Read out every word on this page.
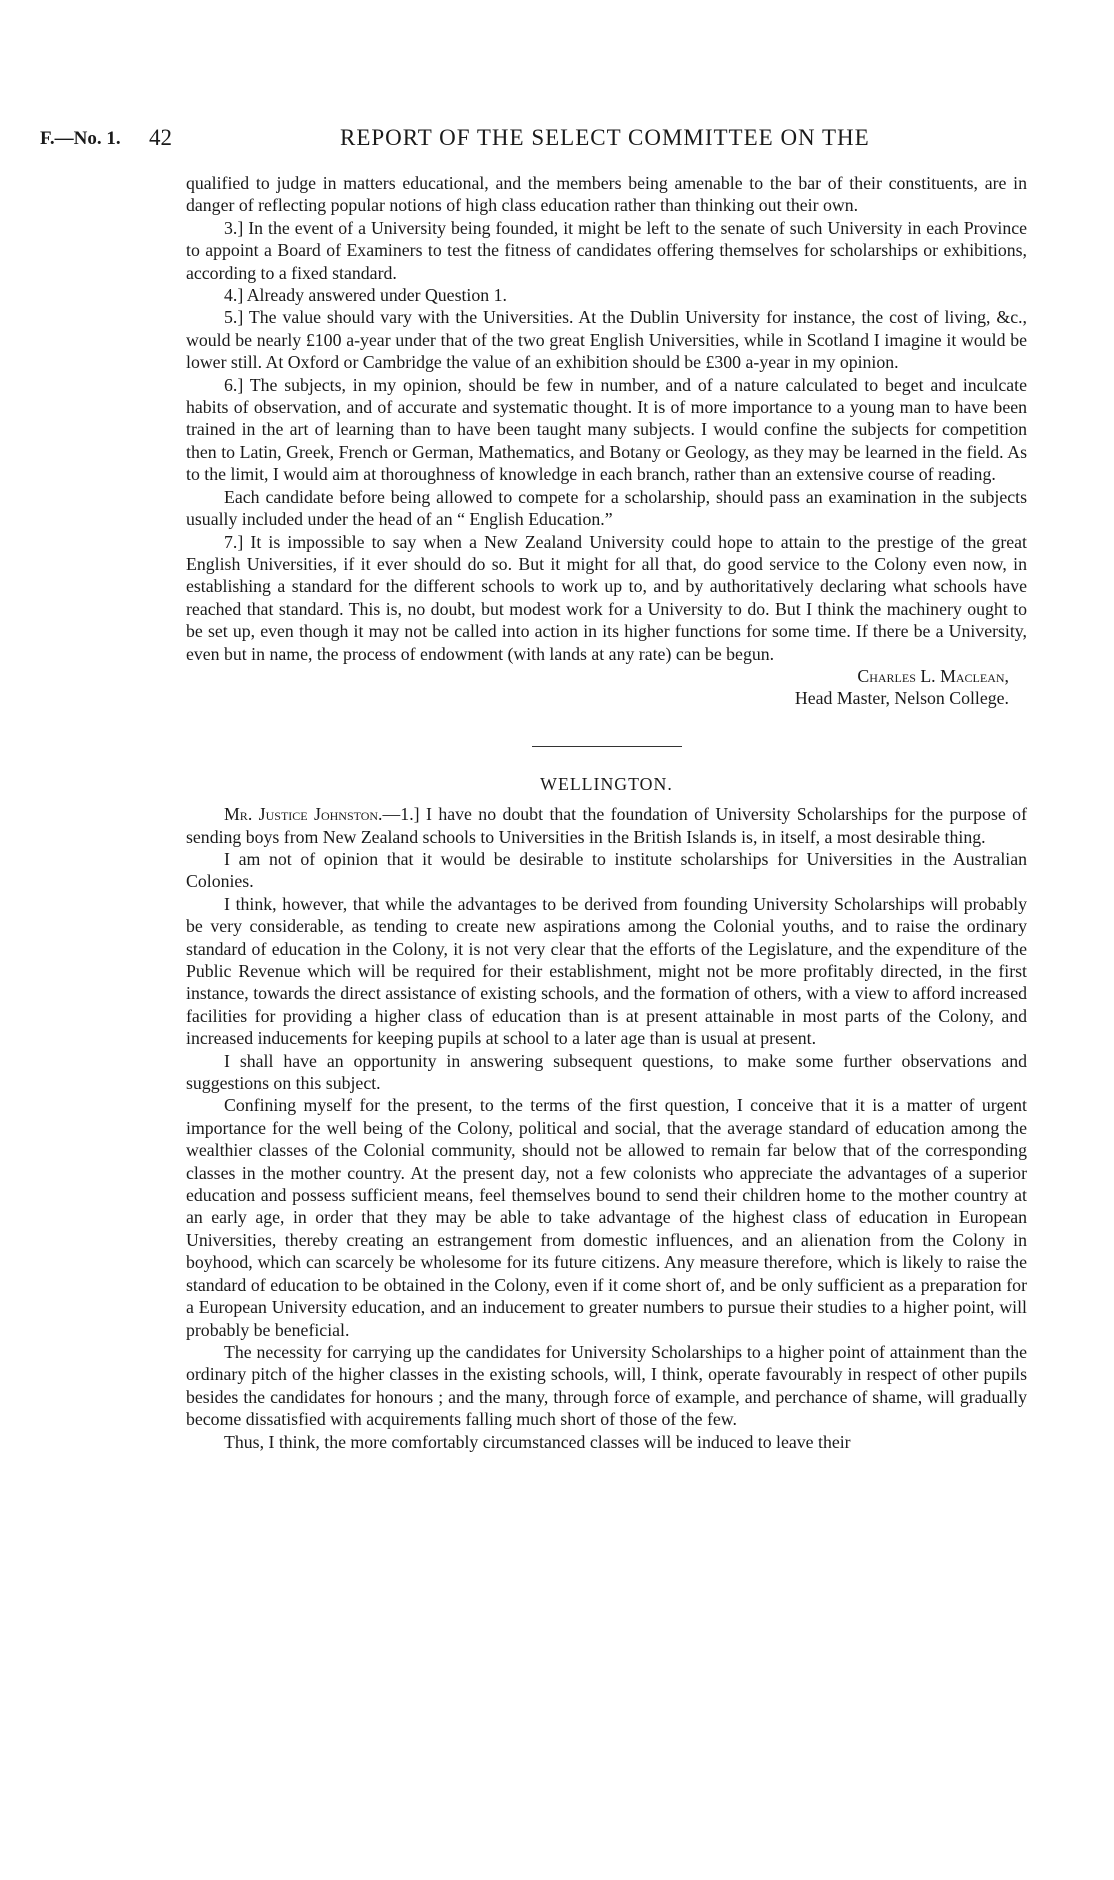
F.—No. 1. 42	REPORT OF THE SELECT COMMITTEE ON THE

qualified to judge in matters educational, and the members being amenable to the bar of their constituents, are in danger of reflecting popular notions of high class education rather than thinking out their own.

3.] In the event of a University being founded, it might be left to the senate of such University in each Province to appoint a Board of Examiners to test the fitness of candidates offering themselves for scholarships or exhibitions, according to a fixed standard.

4.] Already answered under Question 1.

5.] The value should vary with the Universities. At the Dublin University for instance, the cost of living, &c., would be nearly £100 a-year under that of the two great English Universities, while in Scotland I imagine it would be lower still. At Oxford or Cambridge the value of an exhibition should be £300 a-year in my opinion.

6.] The subjects, in my opinion, should be few in number, and of a nature calculated to beget and inculcate habits of observation, and of accurate and systematic thought. It is of more importance to a young man to have been trained in the art of learning than to have been taught many subjects. I would confine the subjects for competition then to Latin, Greek, French or German, Mathematics, and Botany or Geology, as they may be learned in the field. As to the limit, I would aim at thoroughness of knowledge in each branch, rather than an extensive course of reading.

Each candidate before being allowed to compete for a scholarship, should pass an examination in the subjects usually included under the head of an “ English Education.”

7.] It is impossible to say when a New Zealand University could hope to attain to the prestige of the great English Universities, if it ever should do so. But it might for all that, do good service to the Colony even now, in establishing a standard for the different schools to work up to, and by authoritatively declaring what schools have reached that standard. This is, no doubt, but modest work for a University to do. But I think the machinery ought to be set up, even though it may not be called into action in its higher functions for some time. If there be a University, even but in name, the process of endowment (with lands at any rate) can be begun.

Charles L. Maclean,
Head Master, Nelson College.
WELLINGTON.

Mr. Justice Johnston.—1.] I have no doubt that the foundation of University Scholarships for the purpose of sending boys from New Zealand schools to Universities in the British Islands is, in itself, a most desirable thing.

I am not of opinion that it would be desirable to institute scholarships for Universities in the Australian Colonies.

I think, however, that while the advantages to be derived from founding University Scholarships will probably be very considerable, as tending to create new aspirations among the Colonial youths, and to raise the ordinary standard of education in the Colony, it is not very clear that the efforts of the Legislature, and the expenditure of the Public Revenue which will be required for their establishment, might not be more profitably directed, in the first instance, towards the direct assistance of existing schools, and the formation of others, with a view to afford increased facilities for providing a higher class of education than is at present attainable in most parts of the Colony, and increased inducements for keeping pupils at school to a later age than is usual at present.

I shall have an opportunity in answering subsequent questions, to make some further observations and suggestions on this subject.

Confining myself for the present, to the terms of the first question, I conceive that it is a matter of urgent importance for the well being of the Colony, political and social, that the average standard of education among the wealthier classes of the Colonial community, should not be allowed to remain far below that of the corresponding classes in the mother country. At the present day, not a few colonists who appreciate the advantages of a superior education and possess sufficient means, feel themselves bound to send their children home to the mother country at an early age, in order that they may be able to take advantage of the highest class of education in European Universities, thereby creating an estrangement from domestic influences, and an alienation from the Colony in boyhood, which can scarcely be wholesome for its future citizens. Any measure therefore, which is likely to raise the standard of education to be obtained in the Colony, even if it come short of, and be only sufficient as a preparation for a European University education, and an inducement to greater numbers to pursue their studies to a higher point, will probably be beneficial.

The necessity for carrying up the candidates for University Scholarships to a higher point of attainment than the ordinary pitch of the higher classes in the existing schools, will, I think, operate favourably in respect of other pupils besides the candidates for honours ; and the many, through force of example, and perchance of shame, will gradually become dissatisfied with acquirements falling much short of those of the few.

Thus, I think, the more comfortably circumstanced classes will be induced to leave their
